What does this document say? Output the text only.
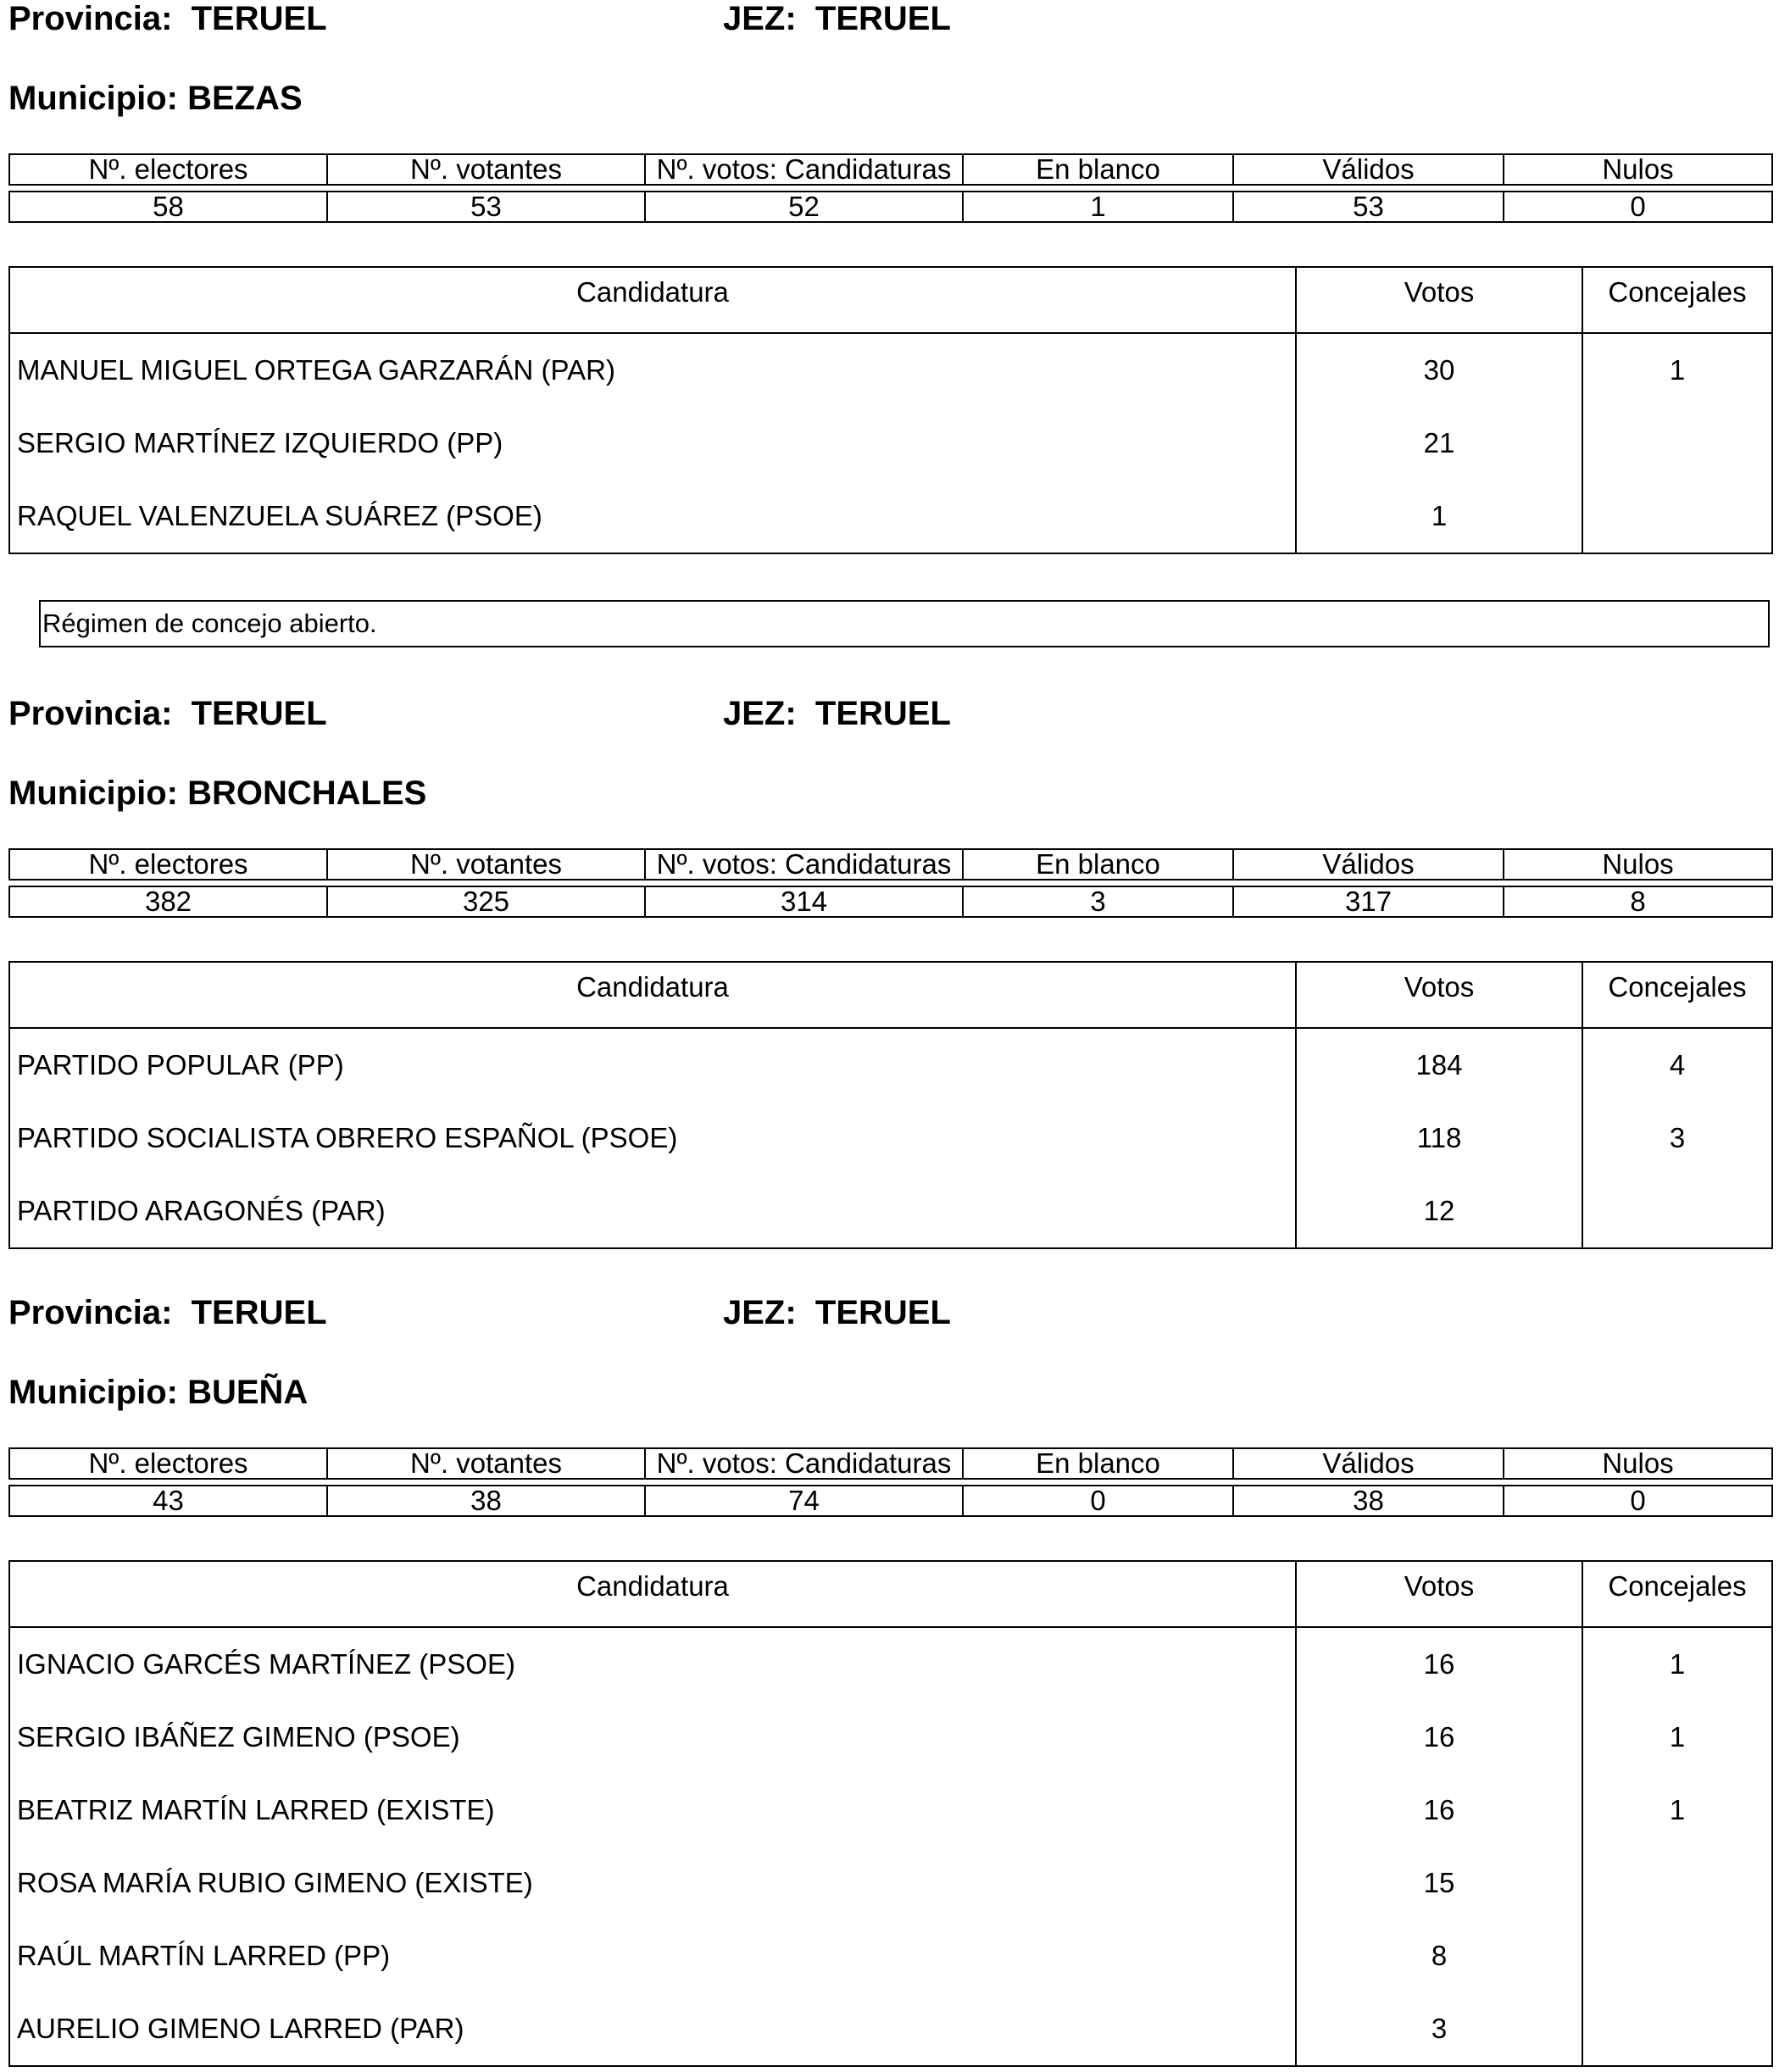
Provincia:  TERUEL	JEZ:  TERUEL
Municipio: BEZAS
Nº. electores	Nº. votantes	Nº. votos: Candidaturas	En blanco	Válidos	Nulos

58	53	52	1	53	0
Candidatura	Votos	Concejales
MANUEL MIGUEL ORTEGA GARZARÁN (PAR)	30	1
SERGIO MARTÍNEZ IZQUIERDO (PP)	21	
RAQUEL VALENZUELA SUÁREZ (PSOE)	1	
Régimen de concejo abierto.
Provincia:  TERUEL	JEZ:  TERUEL
Municipio: BRONCHALES
Nº. electores	Nº. votantes	Nº. votos: Candidaturas	En blanco	Válidos	Nulos

382	325	314	3	317	8
Candidatura	Votos	Concejales
PARTIDO POPULAR (PP)	184	4
PARTIDO SOCIALISTA OBRERO ESPAÑOL (PSOE)	118	3
PARTIDO ARAGONÉS (PAR)	12	
Provincia:  TERUEL	JEZ:  TERUEL
Municipio: BUEÑA
Nº. electores	Nº. votantes	Nº. votos: Candidaturas	En blanco	Válidos	Nulos

43	38	74	0	38	0
Candidatura	Votos	Concejales
IGNACIO GARCÉS MARTÍNEZ (PSOE)	16	1
SERGIO IBÁÑEZ GIMENO (PSOE)	16	1
BEATRIZ MARTÍN LARRED (EXISTE)	16	1
ROSA MARÍA RUBIO GIMENO (EXISTE)	15	
RAÚL MARTÍN LARRED (PP)	8	
AURELIO GIMENO LARRED (PAR)	3	
